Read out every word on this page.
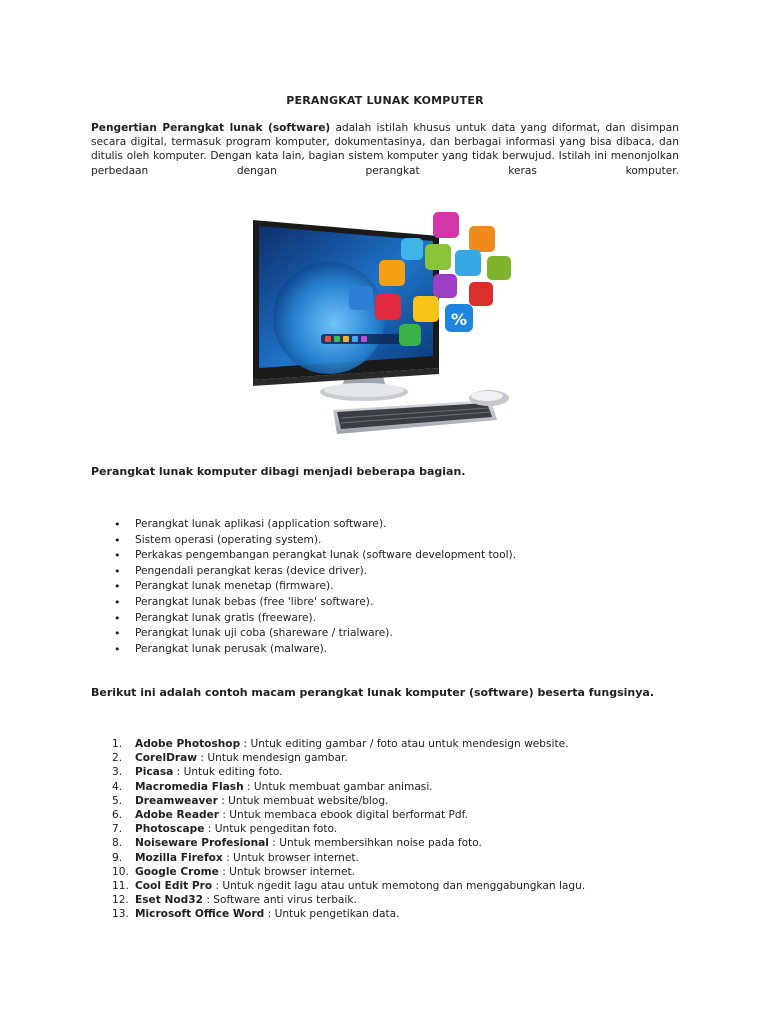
PERANGKAT LUNAK KOMPUTER

Pengertian Perangkat lunak (software) adalah istilah khusus untuk data yang diformat, dan disimpan secara digital, termasuk program komputer, dokumentasinya, dan berbagai informasi yang bisa dibaca, dan ditulis oleh komputer. Dengan kata lain, bagian sistem komputer yang tidak berwujud. Istilah ini menonjolkan perbedaan dengan perangkat keras komputer.

%
Perangkat lunak komputer dibagi menjadi beberapa bagian.
• Perangkat lunak aplikasi (application software).
• Sistem operasi (operating system).
• Perkakas pengembangan perangkat lunak (software development tool).
• Pengendali perangkat keras (device driver).
• Perangkat lunak menetap (firmware).
• Perangkat lunak bebas (free 'libre' software).
• Perangkat lunak gratis (freeware).
• Perangkat lunak uji coba (shareware / trialware).
• Perangkat lunak perusak (malware).
Berikut ini adalah contoh macam perangkat lunak komputer (software) beserta fungsinya.
1.	Adobe Photoshop : Untuk editing gambar / foto atau untuk mendesign website.
2.	CorelDraw : Untuk mendesign gambar.
3.	Picasa : Untuk editing foto.
4.	Macromedia Flash : Untuk membuat gambar animasi.
5.	Dreamweaver : Untuk membuat website/blog.
6.	Adobe Reader : Untuk membaca ebook digital berformat Pdf.
7.	Photoscape : Untuk pengeditan foto.
8.	Noiseware Profesional : Untuk membersihkan noise pada foto.
9.	Mozilla Firefox : Untuk browser internet.
10. Google Crome : Untuk browser internet.
11. Cool Edit Pro : Untuk ngedit lagu atau untuk memotong dan menggabungkan lagu.
12. Eset Nod32 : Software anti virus terbaik.
13. Microsoft Office Word : Untuk pengetikan data.
